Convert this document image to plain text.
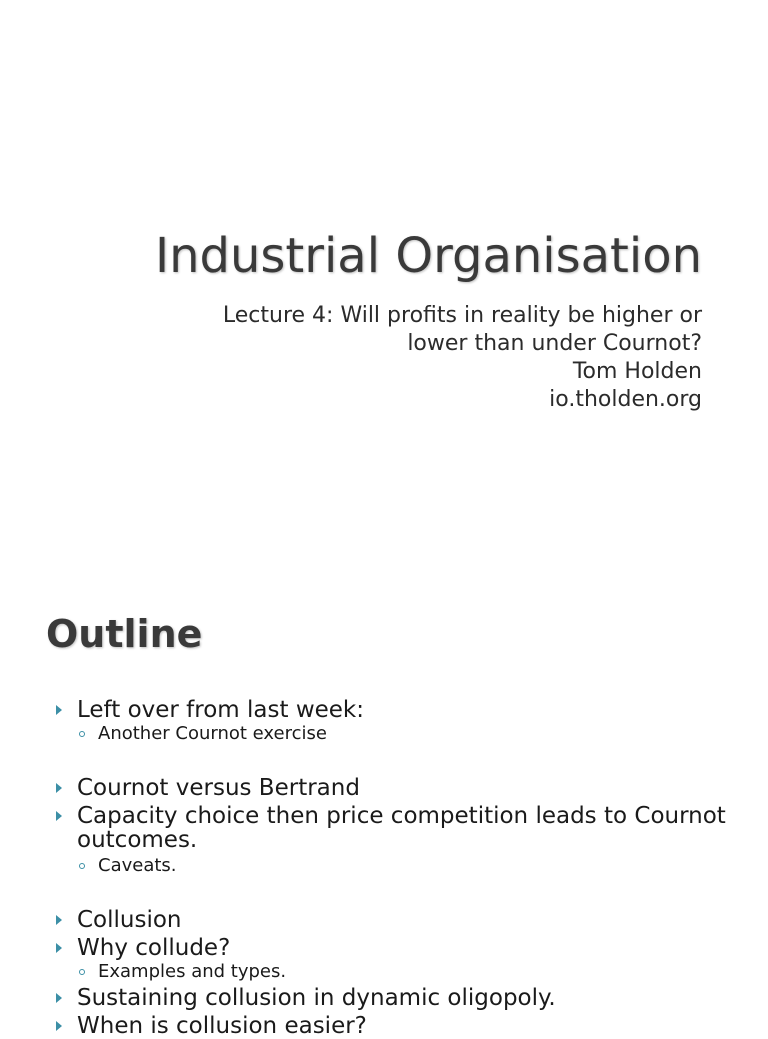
Industrial Organisation
Lecture 4: Will profits in reality be higher or
lower than under Cournot?
Tom Holden
io.tholden.org
Outline
Left over from last week:
Another Cournot exercise
Cournot versus Bertrand
Capacity choice then price competition leads to Cournot outcomes.
Caveats.
Collusion
Why collude?
Examples and types.
Sustaining collusion in dynamic oligopoly.
When is collusion easier?
